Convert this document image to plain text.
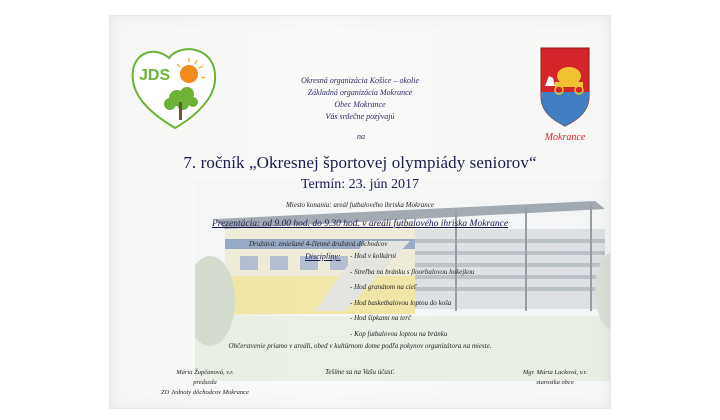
JDS
Mokrance
Okresná organizácia Košice – okolie
Základná organizácia Mokrance
Obec Mokrance
Vás srdečne pozývajú
na
7. ročník „Okresnej športovej olympiády seniorov“
Termín: 23. jún 2017
Miesto konania: areál futbalového ihriska Mokrance
Prezentácia: od 9.00 hod. do 9.30 hod. v areáli futbalového ihriska Mokrance
Družstvá: zmiešané 4-členné družstvá dôchodcov
Disciplíny: - Hod v kolkárni
- Streľba na bránku s floorbalovou hokejkou
- Hod granátom na cieľ
- Hod basketbalovou loptou do koša
- Hod šípkami na terč
- Kop futbalovou loptou na bránku
Občerstvenie priamo v areáli, obed v kultúrnom dome podľa pokynov organizátora na mieste.
Tešíme sa na Vašu účasť.
Mária Župčanová, v.r.
predseda
ZO Jednoty dôchodcov Mokrance
Mgr. Mária Lacková, v.r.
starostka obce
